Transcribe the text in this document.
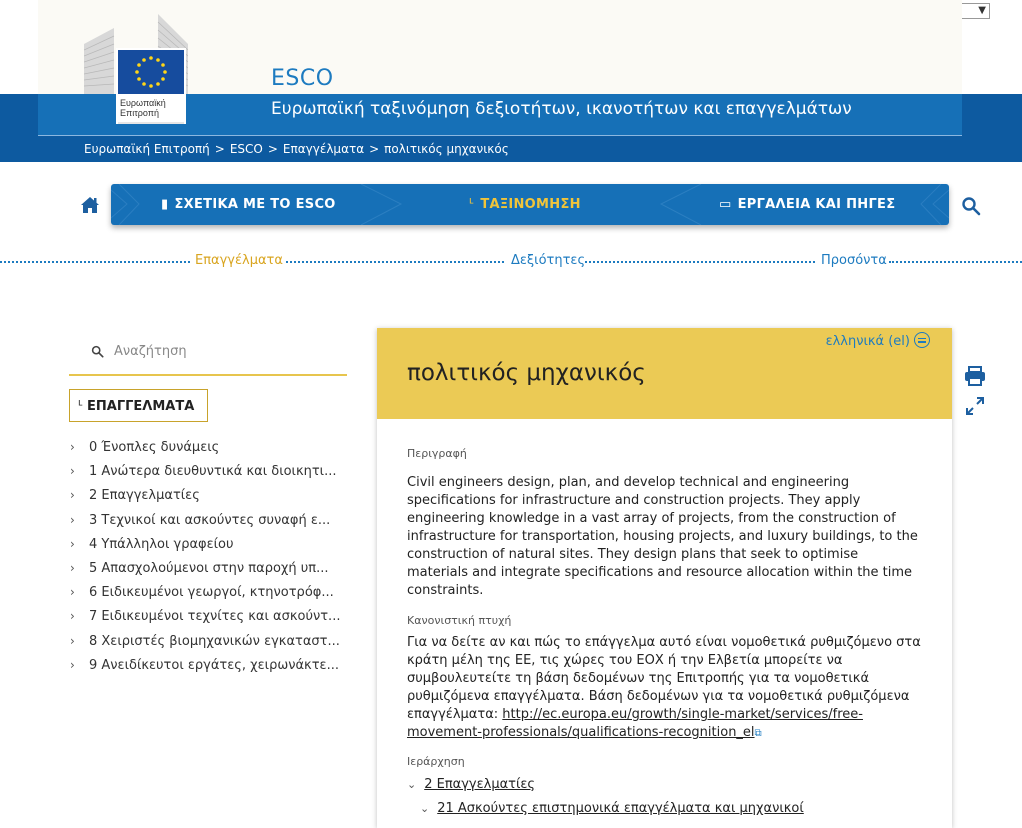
▼
Ευρωπαϊκή
Επιτροπή
ESCO
Ευρωπαϊκή ταξινόμηση δεξιοτήτων, ικανοτήτων και επαγγελμάτων
Ευρωπαϊκή Επιτροπή > ESCO > Επαγγέλματα > πολιτικός μηχανικός
▮ ΣΧΕΤΙΚΑ ΜΕ ΤΟ ESCO	ᒻ ΤΑΞΙΝΟΜΗΣΗ	▭ ΕΡΓΑΛΕΙΑ ΚΑΙ ΠΗΓΕΣ
Επαγγέλματα	Δεξιότητες	Προσόντα
Αναζήτηση
ᒻ ΕΠΑΓΓΕΛΜΑΤΑ
› 0 Ένοπλες δυνάμεις
› 1 Ανώτερα διευθυντικά και διοικητι...
› 2 Επαγγελματίες
› 3 Τεχνικοί και ασκούντες συναφή ε...
› 4 Υπάλληλοι γραφείου
› 5 Απασχολούμενοι στην παροχή υπ...
› 6 Ειδικευμένοι γεωργοί, κτηνοτρόφ...
› 7 Ειδικευμένοι τεχνίτες και ασκούντ...
› 8 Χειριστές βιομηχανικών εγκαταστ...
› 9 Ανειδίκευτοι εργάτες, χειρωνάκτε...
ελληνικά (el)
πολιτικός μηχανικός
Περιγραφή
Civil engineers design, plan, and develop technical and engineering specifications for infrastructure and construction projects. They apply engineering knowledge in a vast array of projects, from the construction of infrastructure for transportation, housing projects, and luxury buildings, to the construction of natural sites. They design plans that seek to optimise materials and integrate specifications and resource allocation within the time constraints.
Κανονιστική πτυχή
Για να δείτε αν και πώς το επάγγελμα αυτό είναι νομοθετικά ρυθμιζόμενο στα κράτη μέλη της ΕΕ, τις χώρες του ΕΟΧ ή την Ελβετία μπορείτε να συμβουλευτείτε τη βάση δεδομένων της Επιτροπής για τα νομοθετικά ρυθμιζόμενα επαγγέλματα. Βάση δεδομένων για τα νομοθετικά ρυθμιζόμενα επαγγέλματα: http://ec.europa.eu/growth/single-market/services/free-movement-professionals/qualifications-recognition_el⧉
Ιεράρχηση
⌄ 2 Επαγγελματίες
⌄ 21 Ασκούντες επιστημονικά επαγγέλματα και μηχανικοί
